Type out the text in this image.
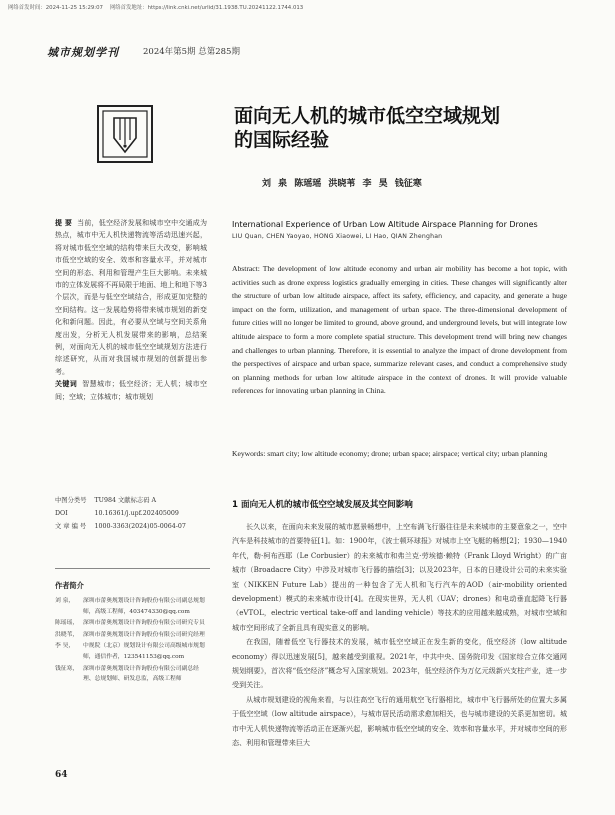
网络首发时间：2024-11-25 15:29:07 网络首发地址：https://link.cnki.net/urlid/31.1938.TU.20241122.1744.013
城市规划学刊	2024年第5期 总第285期
面向无人机的城市低空空域规划
的国际经验
刘 泉 陈瑶瑶 洪晓苇 李 昊 钱征寒
提 要 当前，低空经济发展和城市空中交通成为热点，城市中无人机快递物流等活动迅速兴起，将对城市低空空域的结构带来巨大改变，影响城市低空空域的安全、效率和容量水平，并对城市空间的形态、利用和管理产生巨大影响。未来城市的立体发展将不再局限于地面、地上和地下等3个层次，而是与低空空域结合，形成更加完整的空间结构。这一发展趋势将带来城市规划的新变化和新问题。因此，有必要从空域与空间关系角度出发，分析无人机发展带来的影响，总结案例，对面向无人机的城市低空空域规划方法进行综述研究，从而对我国城市规划的创新提出参考。
关键词 智慧城市；低空经济；无人机；城市空间；空域；立体城市；城市规划
International Experience of Urban Low Altitude Airspace Planning for Drones
LIU Quan, CHEN Yaoyao, HONG Xiaowei, LI Hao, QIAN Zhenghan
Abstract: The development of low altitude economy and urban air mobility has become a hot topic, with activities such as drone express logistics gradually emerging in cities. These changes will significantly alter the structure of urban low altitude airspace, affect its safety, efficiency, and capacity, and generate a huge impact on the form, utilization, and management of urban space. The three-dimensional development of future cities will no longer be limited to ground, above ground, and underground levels, but will integrate low altitude airspace to form a more complete spatial structure. This development trend will bring new changes and challenges to urban planning. Therefore, it is essential to analyze the impact of drone development from the perspectives of airspace and urban space, summarize relevant cases, and conduct a comprehensive study on planning methods for urban low altitude airspace in the context of drones. It will provide valuable references for innovating urban planning in China.
Keywords: smart city; low altitude economy; drone; urban space; airspace; vertical city; urban planning
中图分类号	TU984 文献标志码 A
DOI	10.16361/j.upf.202405009
文 章 编 号	1000-3363(2024)05-0064-07
作者简介
刘 泉，	深圳市蕾奥规划设计咨询股份有限公司副总规划师，高级工程师，403474330@qq.com
陈瑶瑶， 深圳市蕾奥规划设计咨询股份有限公司研究专员
洪晓苇， 深圳市蕾奥规划设计咨询股份有限公司研究经理
李 昊，	中规院（北京）规划设计有限公司高级城市规划师，通信作者，123541153@qq.com
钱征寒， 深圳市蕾奥规划设计咨询股份有限公司副总经理、总规划师、研发总监，高级工程师
1 面向无人机的城市低空空域发展及其空间影响

长久以来，在面向未来发展的城市愿景畅想中，上空布满飞行器往往是未来城市的主要意象之一，空中汽车是科技城市的首要特征[1]。如：1900年，《波士顿环球报》对城市上空飞艇的畅想[2]；1930—1940年代，勒·柯布西耶（Le Corbusier）的未来城市和弗兰克·劳埃德·赖特（Frank Lloyd Wright）的广亩城市（Broadacre City）中涉及对城市飞行器的描绘[3]；以及2023年，日本的日建设计公司的未来实验室（NIKKEN Future Lab）提出的一种包含了无人机和飞行汽车的AOD（air-mobility oriented development）模式的未来城市设计[4]。在现实世界，无人机（UAV；drones）和电动垂直起降飞行器（eVTOL，electric vertical take-off and landing vehicle）等技术的应用越来越成熟，对城市空域和城市空间形成了全新且具有现实意义的影响。

在我国，随着低空飞行器技术的发展，城市低空空域正在发生新的变化，低空经济（low altitude economy）得以迅速发展[5]，越来越受到重视。2021年，中共中央、国务院印发《国家综合立体交通网规划纲要》，首次将“低空经济”概念写入国家规划。2023年，低空经济作为万亿元级新兴支柱产业，进一步受到关注。

从城市规划建设的视角来看，与以往高空飞行的通用航空飞行器相比，城市中飞行器所处的位置大多属于低空空域（low altitude airspace），与城市居民活动需求愈加相关，也与城市建设的关系更加密切。城市中无人机快递物流等活动正在逐渐兴起，影响城市低空空域的安全、效率和容量水平，并对城市空间的形态、利用和管理带来巨大

64
